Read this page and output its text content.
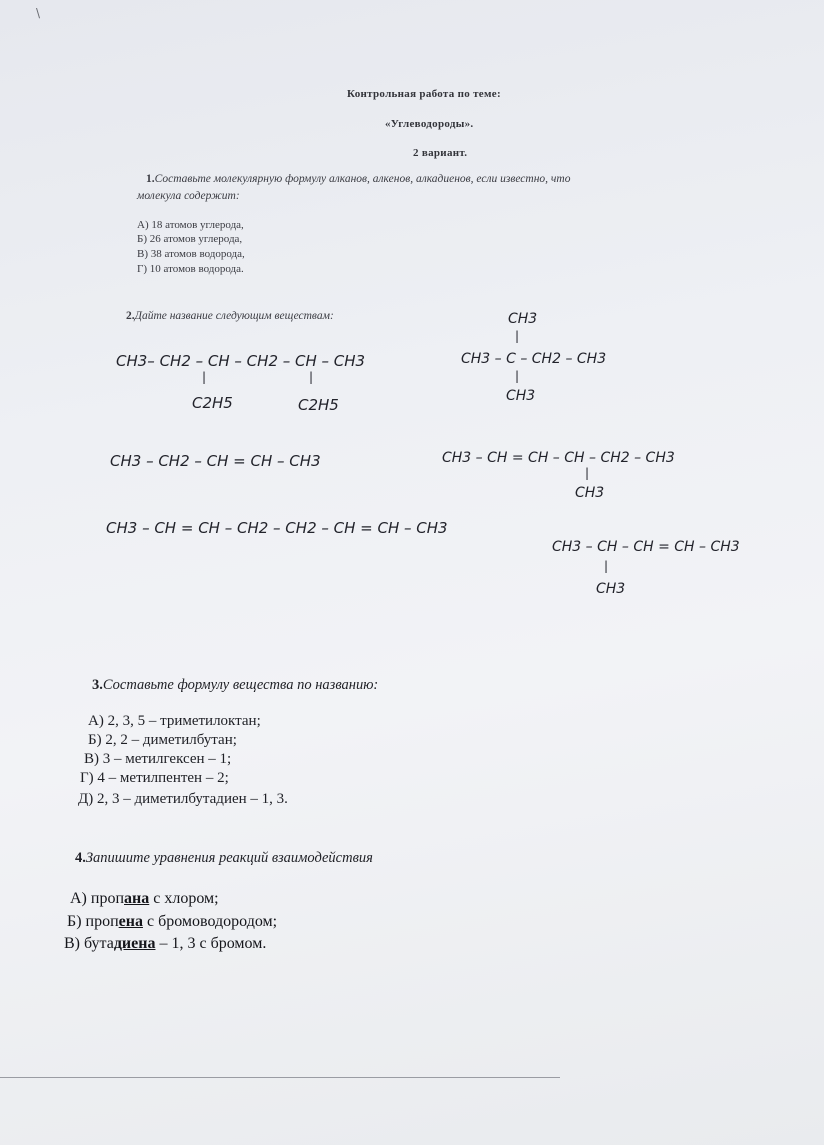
\
Контрольная работа по теме:
«Углеводороды».
2 вариант.
1.Составьте молекулярную формулу алканов, алкенов, алкадиенов, если известно, что
молекула содержит:
А) 18 атомов углерода,
Б) 26 атомов углерода,
В) 38 атомов водорода,
Г) 10 атомов водорода.
2.Дайте название следующим веществам:
CH3– CH2 – CH – CH2 – CH – CH3
|	|
C2H5	C2H5
CH3
|
CH3 – C – CH2 – CH3
|
CH3
CH3 – CH2 – CH = CH – CH3	CH3 – CH = CH – CH – CH2 – CH3
|
CH3
CH3 – CH = CH – CH2 – CH2 – CH = CH – CH3
CH3 – CH – CH = CH – CH3
|
CH3
3.Составьте формулу вещества по названию:
А) 2, 3, 5 – триметилоктан;
Б) 2, 2 – диметилбутан;
В) 3 – метилгексен – 1;
Г) 4 – метилпентен – 2;
Д) 2, 3 – диметилбутадиен – 1, 3.
4.Запишите уравнения реакций взаимодействия
А) пропана с хлором;
Б) пропена с бромоводородом;
В) бутадиена – 1, 3 с бромом.
